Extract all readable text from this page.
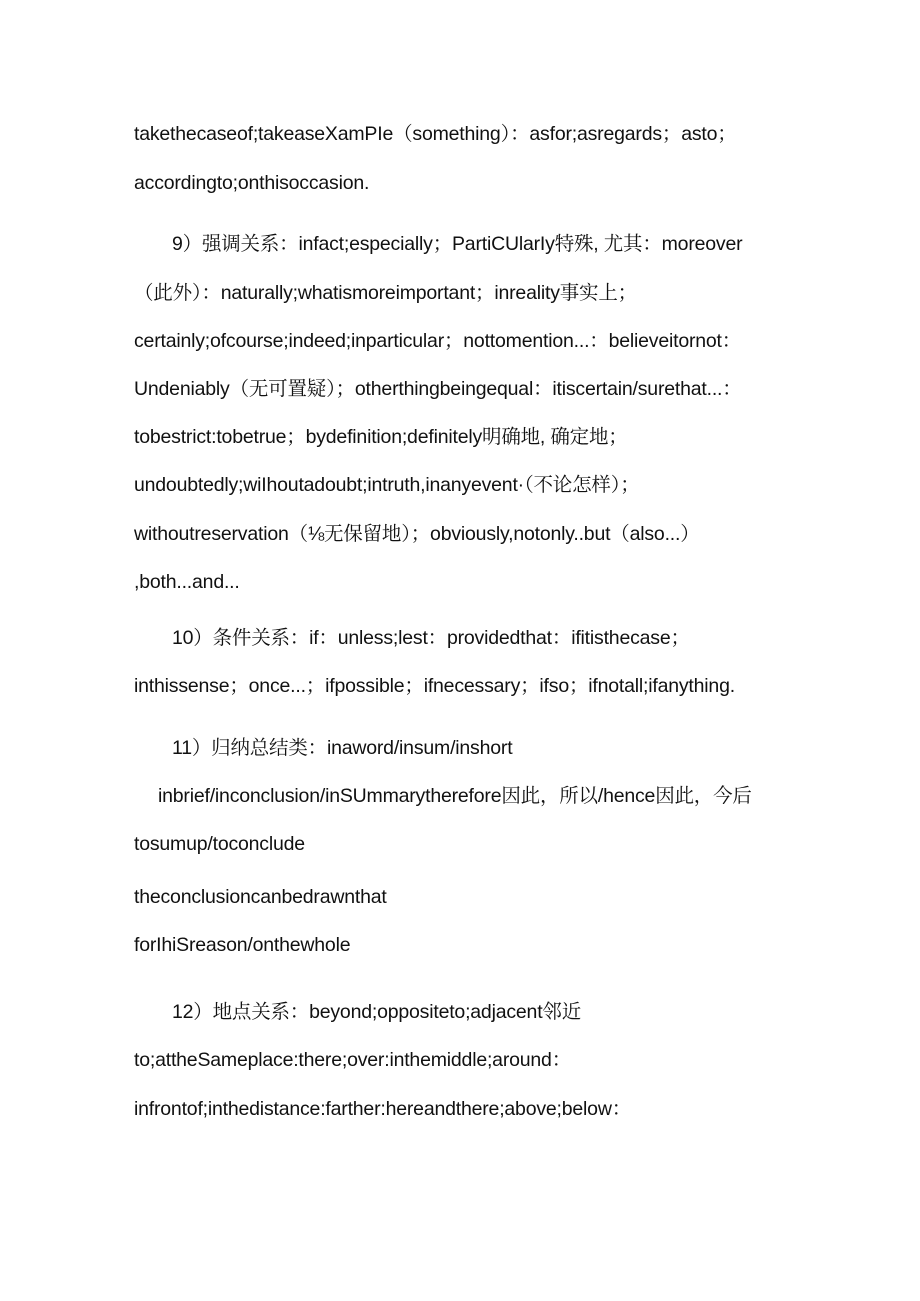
takethecaseof;takeaseXamPIe（something）：asfor;asregards；asto；
accordingto;onthisoccasion.
9）强调关系：infact;especially；PartiCUlarIy特殊, 尤其：moreover
（此外）：naturally;whatismoreimportant；inreality事实上；
certainly;ofcourse;indeed;inparticular；nottomention...：believeitornot：
Undeniably（无可置疑）；otherthingbeingequal：itiscertain/surethat...：
tobestrict:tobetrue；bydefinition;definitely明确地, 确定地；
undoubtedly;wiIhoutadoubt;intruth,inanyevent·（不论怎样）；
withoutreservation（⅛无保留地）；obviously,notonly..but（also...）
,both...and...
10）条件关系：if：unless;lest：providedthat：ifitisthecase；
inthissense；once...；ifpossible；ifnecessary；ifso；ifnotall;ifanything.
11）归纳总结类：inaword/insum/inshort
inbrief/inconclusion/inSUmmarytherefore因此，所以/hence因此，今后
tosumup/toconclude
theconclusioncanbedrawnthat
forIhiSreason/onthewhole
12）地点关系：beyond;oppositeto;adjacent邻近
to;attheSameplace:there;over:inthemiddle;around：
infrontof;inthedistance:farther:hereandthere;above;below：
